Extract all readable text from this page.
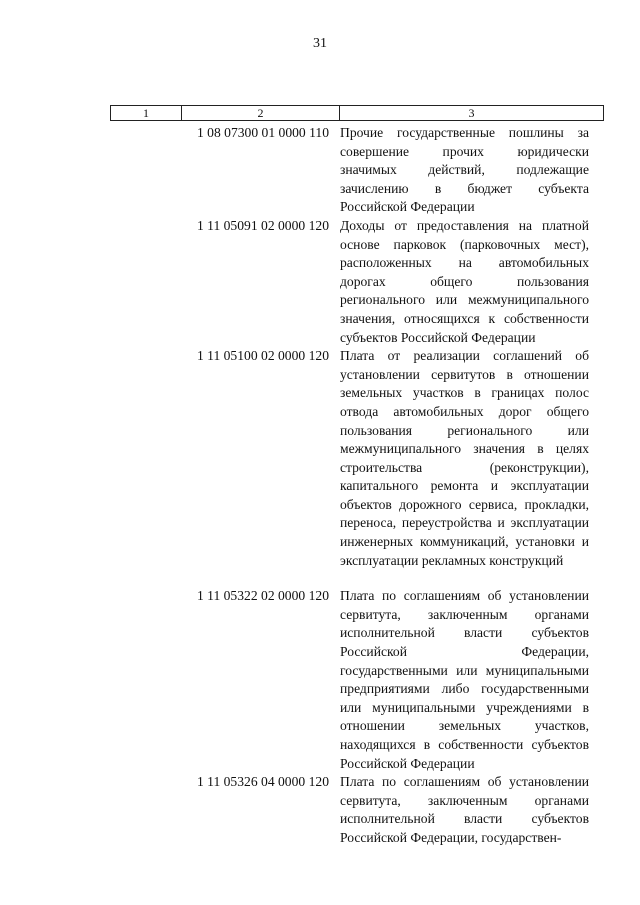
31
1	2	3
1 08 07300 01 0000 110 Прочие государственные пошлины за совершение прочих юридически значимых действий, подлежащие зачислению в бюджет субъекта Российской Федерации
1 11 05091 02 0000 120 Доходы от предоставления на платной основе парковок (парковочных мест), расположенных на автомобильных дорогах общего пользования регионального или межмуниципального значения, относящихся к собственности субъектов Российской Федерации
1 11 05100 02 0000 120 Плата от реализации соглашений об установлении сервитутов в отношении земельных участков в границах полос отвода автомобильных дорог общего пользования регионального или межмуниципального значения в целях строительства (реконструкции), капитального ремонта и эксплуатации объектов дорожного сервиса, прокладки, переноса, переустройства и эксплуатации инженерных коммуникаций, установки и эксплуатации рекламных конструкций
1 11 05322 02 0000 120 Плата по соглашениям об установлении сервитута, заключенным органами исполнительной власти субъектов Российской Федерации, государственными или муниципальными предприятиями либо государственными или муниципальными учреждениями в отношении земельных участков, находящихся в собственности субъектов Российской Федерации
1 11 05326 04 0000 120 Плата по соглашениям об установлении сервитута, заключенным органами исполнительной власти субъектов Российской Федерации, государствен-
